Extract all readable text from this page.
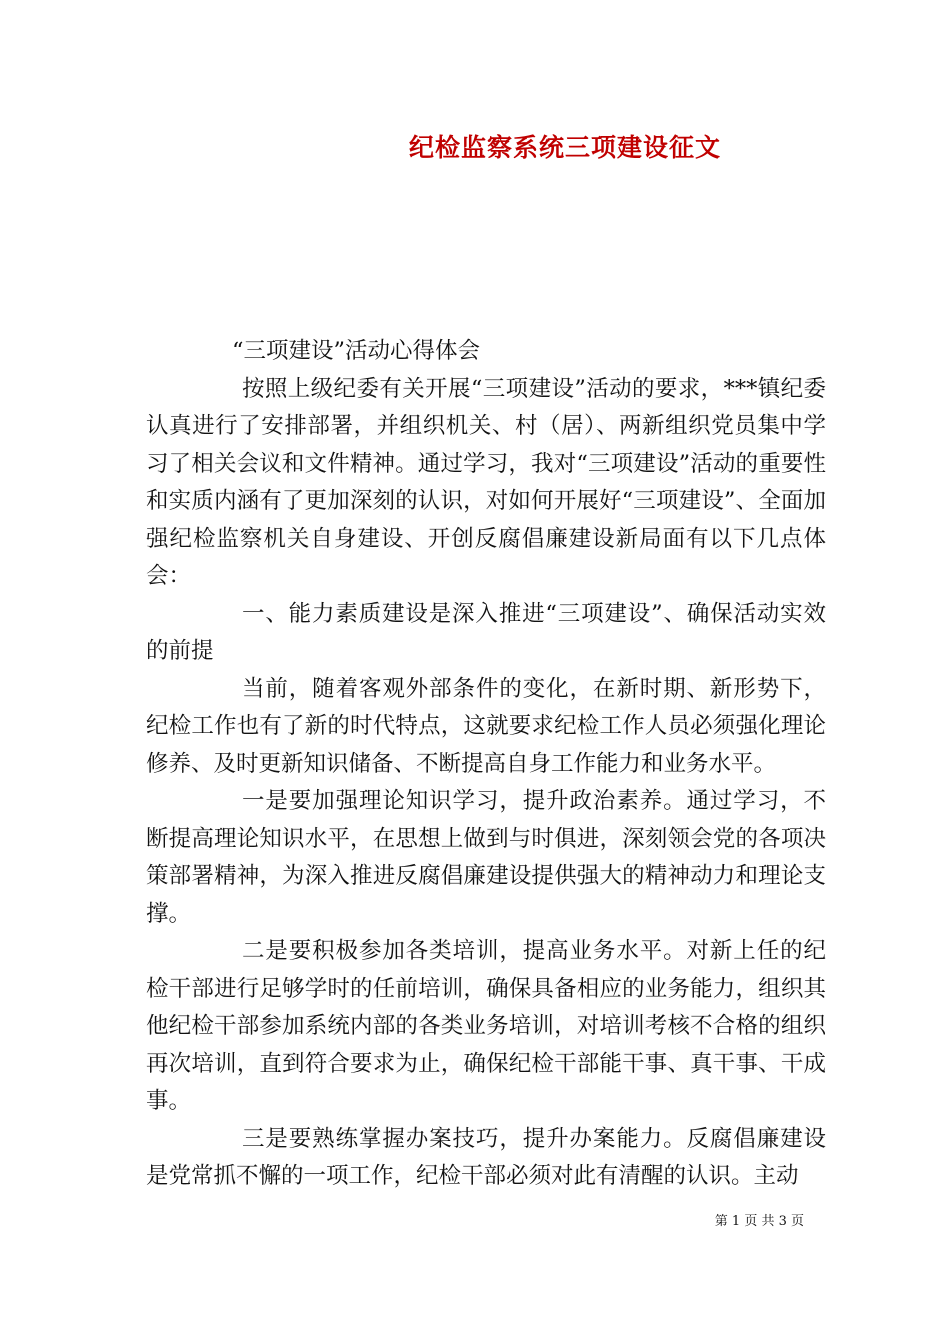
纪检监察系统三项建设征文

“三项建设”活动心得体会

按照上级纪委有关开展“三项建设”活动的要求，***镇纪委认真进行了安排部署，并组织机关、村（居）、两新组织党员集中学习了相关会议和文件精神。通过学习，我对“三项建设”活动的重要性和实质内涵有了更加深刻的认识，对如何开展好“三项建设”、全面加强纪检监察机关自身建设、开创反腐倡廉建设新局面有以下几点体会：

一、能力素质建设是深入推进“三项建设”、确保活动实效的前提

当前，随着客观外部条件的变化，在新时期、新形势下，纪检工作也有了新的时代特点，这就要求纪检工作人员必须强化理论修养、及时更新知识储备、不断提高自身工作能力和业务水平。

一是要加强理论知识学习，提升政治素养。通过学习，不断提高理论知识水平，在思想上做到与时俱进，深刻领会党的各项决策部署精神，为深入推进反腐倡廉建设提供强大的精神动力和理论支撑。

二是要积极参加各类培训，提高业务水平。对新上任的纪检干部进行足够学时的任前培训，确保具备相应的业务能力，组织其他纪检干部参加系统内部的各类业务培训，对培训考核不合格的组织再次培训，直到符合要求为止，确保纪检干部能干事、真干事、干成事。

三是要熟练掌握办案技巧，提升办案能力。反腐倡廉建设是党常抓不懈的一项工作，纪检干部必须对此有清醒的认识。主动

第 1 页 共 3 页
